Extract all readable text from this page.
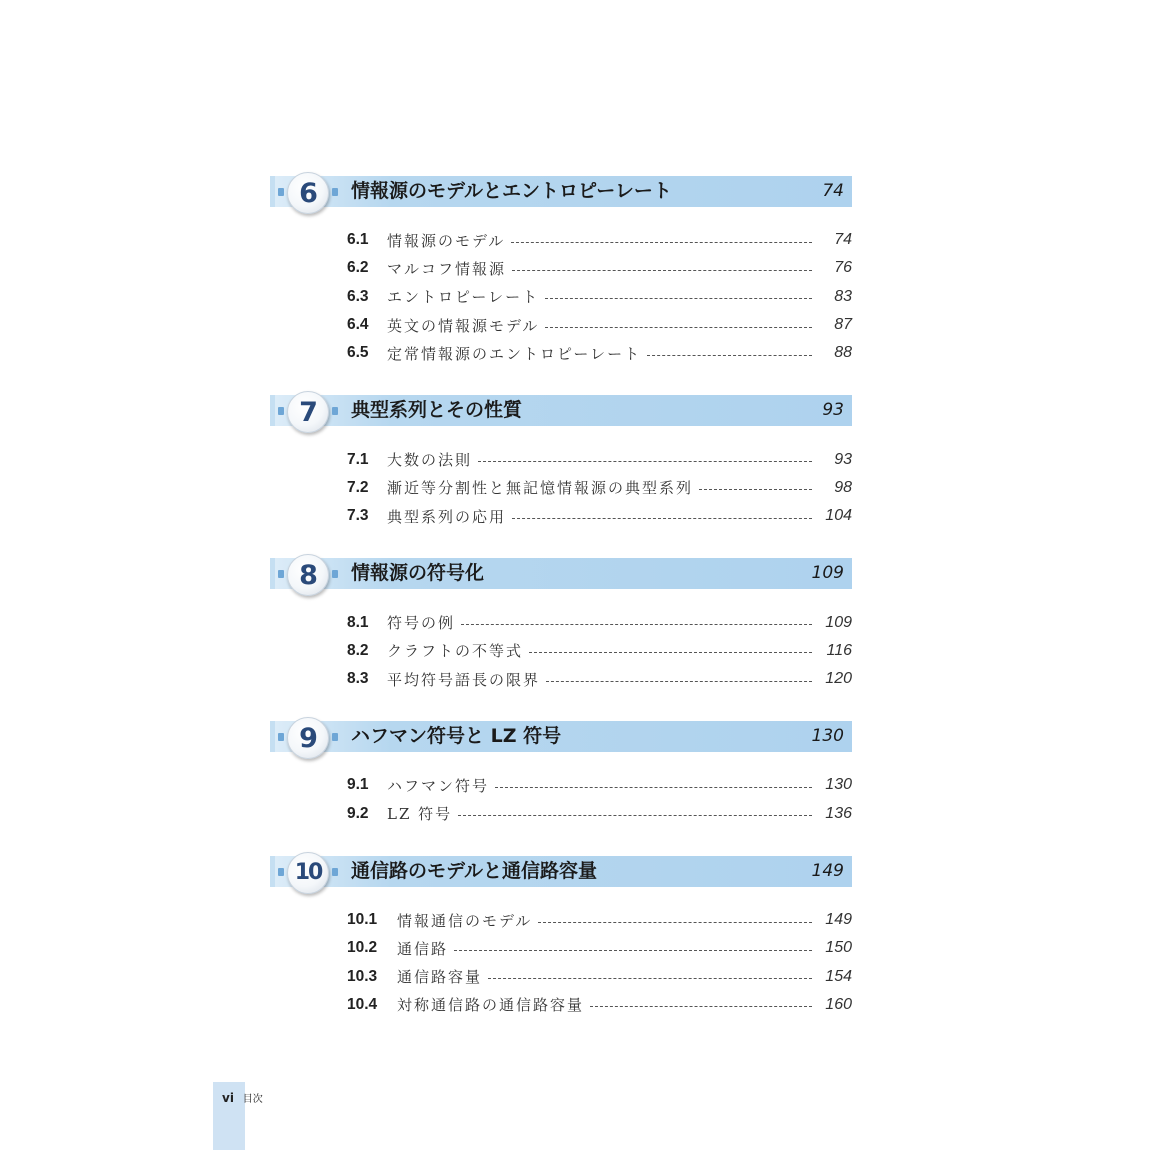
6	情報源のモデルとエントロピーレート	74
6.1	情報源のモデル	74
6.2	マルコフ情報源	76
6.3	エントロピーレート	83
6.4	英文の情報源モデル	87
6.5	定常情報源のエントロピーレート	88
7	典型系列とその性質	93
7.1	大数の法則	93
7.2	漸近等分割性と無記憶情報源の典型系列	98
7.3	典型系列の応用	104
8	情報源の符号化	109
8.1	符号の例	109
8.2	クラフトの不等式	116
8.3	平均符号語長の限界	120
9	ハフマン符号と LZ 符号	130
9.1	ハフマン符号	130
9.2	LZ 符号	136
10	通信路のモデルと通信路容量	149
10.1	情報通信のモデル	149
10.2	通信路	150
10.3	通信路容量	154
10.4	対称通信路の通信路容量	160
vi 目次
